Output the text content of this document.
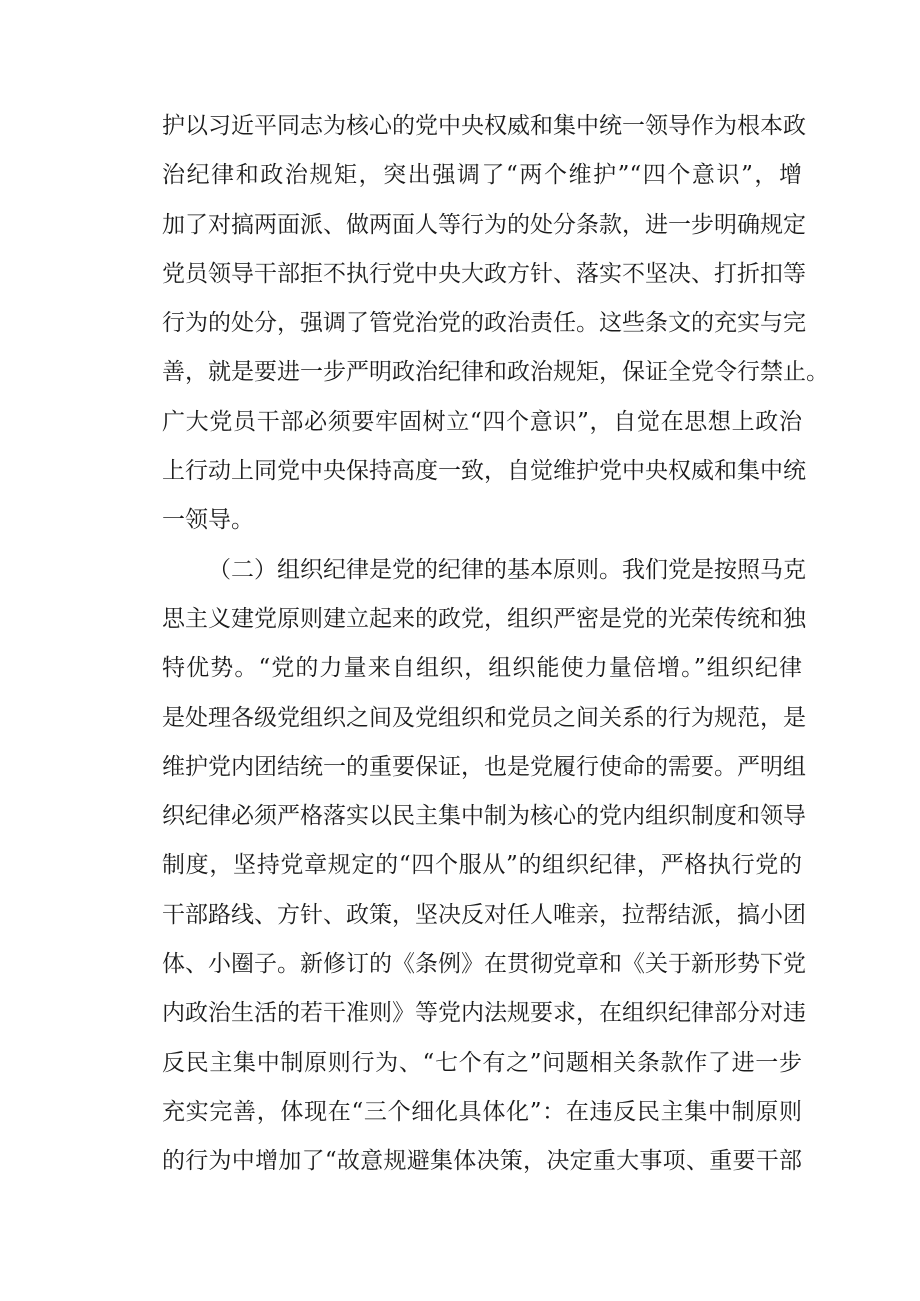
护以习近平同志为核心的党中央权威和集中统一领导作为根本政
治纪律和政治规矩，突出强调了“两个维护”“四个意识”，增
加了对搞两面派、做两面人等行为的处分条款，进一步明确规定
党员领导干部拒不执行党中央大政方针、落实不坚决、打折扣等
行为的处分，强调了管党治党的政治责任。这些条文的充实与完
善，就是要进一步严明政治纪律和政治规矩，保证全党令行禁止。
广大党员干部必须要牢固树立“四个意识”，自觉在思想上政治
上行动上同党中央保持高度一致，自觉维护党中央权威和集中统
一领导。
（二）组织纪律是党的纪律的基本原则。我们党是按照马克
思主义建党原则建立起来的政党，组织严密是党的光荣传统和独
特优势。“党的力量来自组织，组织能使力量倍增。”组织纪律
是处理各级党组织之间及党组织和党员之间关系的行为规范，是
维护党内团结统一的重要保证，也是党履行使命的需要。严明组
织纪律必须严格落实以民主集中制为核心的党内组织制度和领导
制度，坚持党章规定的“四个服从”的组织纪律，严格执行党的
干部路线、方针、政策，坚决反对任人唯亲，拉帮结派，搞小团
体、小圈子。新修订的《条例》在贯彻党章和《关于新形势下党
内政治生活的若干准则》等党内法规要求，在组织纪律部分对违
反民主集中制原则行为、“七个有之”问题相关条款作了进一步
充实完善，体现在“三个细化具体化”：在违反民主集中制原则
的行为中增加了“故意规避集体决策，决定重大事项、重要干部
